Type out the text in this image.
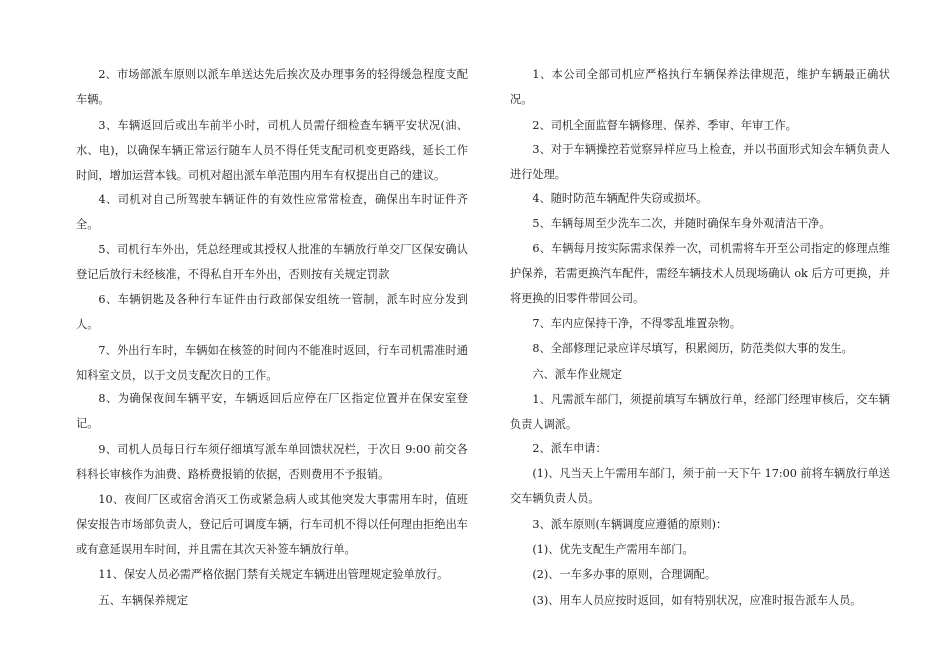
2、市场部派车原则以派车单送达先后挨次及办理事务的轻得缓急程度支配车辆。
3、车辆返回后或出车前半小时，司机人员需仔细检查车辆平安状况(油、水、电)，以确保车辆正常运行随车人员不得任凭支配司机变更路线，延长工作时间，增加运营本钱。司机对超出派车单范围内用车有权提出自己的建议。
4、司机对自己所驾驶车辆证件的有效性应常常检查，确保出车时证件齐全。
5、司机行车外出，凭总经理或其授权人批准的车辆放行单交厂区保安确认登记后放行未经核准，不得私自开车外出，否则按有关规定罚款
6、车辆钥匙及各种行车证件由行政部保安组统一管制，派车时应分发到人。
7、外出行车时，车辆如在核签的时间内不能准时返回，行车司机需准时通知科室文员，以于文员支配次日的工作。
8、为确保夜间车辆平安，车辆返回后应停在厂区指定位置并在保安室登记。
9、司机人员每日行车须仔细填写派车单回馈状况栏，于次日 9:00 前交各科科长审核作为油费、路桥费报销的依据，否则费用不予报销。
10、夜间厂区或宿舍消灭工伤或紧急病人或其他突发大事需用车时，值班保安报告市场部负责人，登记后可调度车辆，行车司机不得以任何理由拒绝出车或有意延误用车时间，并且需在其次天补签车辆放行单。
11、保安人员必需严格依据门禁有关规定车辆进出管理规定验单放行。
五、车辆保养规定
1、本公司全部司机应严格执行车辆保养法律规范，维护车辆最正确状况。
2、司机全面监督车辆修理、保养、季审、年审工作。
3、对于车辆操控若觉察异样应马上检查，并以书面形式知会车辆负责人进行处理。
4、随时防范车辆配件失窃或损坏。
5、车辆每周至少洗车二次，并随时确保车身外观清洁干净。
6、车辆每月按实际需求保养一次，司机需将车开至公司指定的修理点维护保养，若需更换汽车配件，需经车辆技术人员现场确认 ok 后方可更换，并将更换的旧零件带回公司。
7、车内应保持干净，不得零乱堆置杂物。
8、全部修理记录应详尽填写，积累阅历，防范类似大事的发生。
六、派车作业规定
1、凡需派车部门，须提前填写车辆放行单，经部门经理审核后，交车辆负责人调派。
2、派车申请：
(1)、凡当天上午需用车部门，须于前一天下午 17:00 前将车辆放行单送交车辆负责人员。
3、派车原则(车辆调度应遵循的原则)：
(1)、优先支配生产需用车部门。
(2)、一车多办事的原则，合理调配。
(3)、用车人员应按时返回，如有特别状况，应准时报告派车人员。
